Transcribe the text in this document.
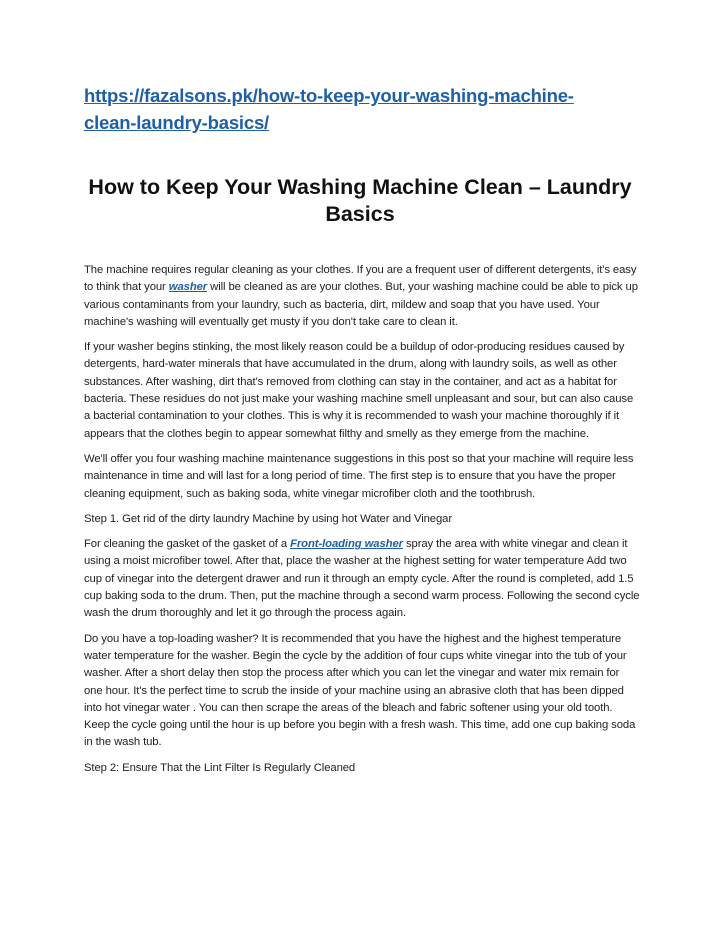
https://fazalsons.pk/how-to-keep-your-washing-machine-clean-laundry-basics/
How to Keep Your Washing Machine Clean – Laundry Basics

The machine requires regular cleaning as your clothes. If you are a frequent user of different detergents, it's easy to think that your washer will be cleaned as are your clothes. But, your washing machine could be able to pick up various contaminants from your laundry, such as bacteria, dirt, mildew and soap that you have used. Your machine's washing will eventually get musty if you don't take care to clean it.

If your washer begins stinking, the most likely reason could be a buildup of odor-producing residues caused by detergents, hard-water minerals that have accumulated in the drum, along with laundry soils, as well as other substances. After washing, dirt that's removed from clothing can stay in the container, and act as a habitat for bacteria. These residues do not just make your washing machine smell unpleasant and sour, but can also cause a bacterial contamination to your clothes. This is why it is recommended to wash your machine thoroughly if it appears that the clothes begin to appear somewhat filthy and smelly as they emerge from the machine.

We'll offer you four washing machine maintenance suggestions in this post so that your machine will require less maintenance in time and will last for a long period of time. The first step is to ensure that you have the proper cleaning equipment, such as baking soda, white vinegar microfiber cloth and the toothbrush.

Step 1. Get rid of the dirty laundry Machine by using hot Water and Vinegar

For cleaning the gasket of the gasket of a Front-loading washer spray the area with white vinegar and clean it using a moist microfiber towel. After that, place the washer at the highest setting for water temperature Add two cup of vinegar into the detergent drawer and run it through an empty cycle. After the round is completed, add 1.5 cup baking soda to the drum. Then, put the machine through a second warm process. Following the second cycle wash the drum thoroughly and let it go through the process again.

Do you have a top-loading washer? It is recommended that you have the highest and the highest temperature water temperature for the washer. Begin the cycle by the addition of four cups white vinegar into the tub of your washer. After a short delay then stop the process after which you can let the vinegar and water mix remain for one hour. It's the perfect time to scrub the inside of your machine using an abrasive cloth that has been dipped into hot vinegar water . You can then scrape the areas of the bleach and fabric softener using your old tooth. Keep the cycle going until the hour is up before you begin with a fresh wash. This time, add one cup baking soda in the wash tub.

Step 2: Ensure That the Lint Filter Is Regularly Cleaned
